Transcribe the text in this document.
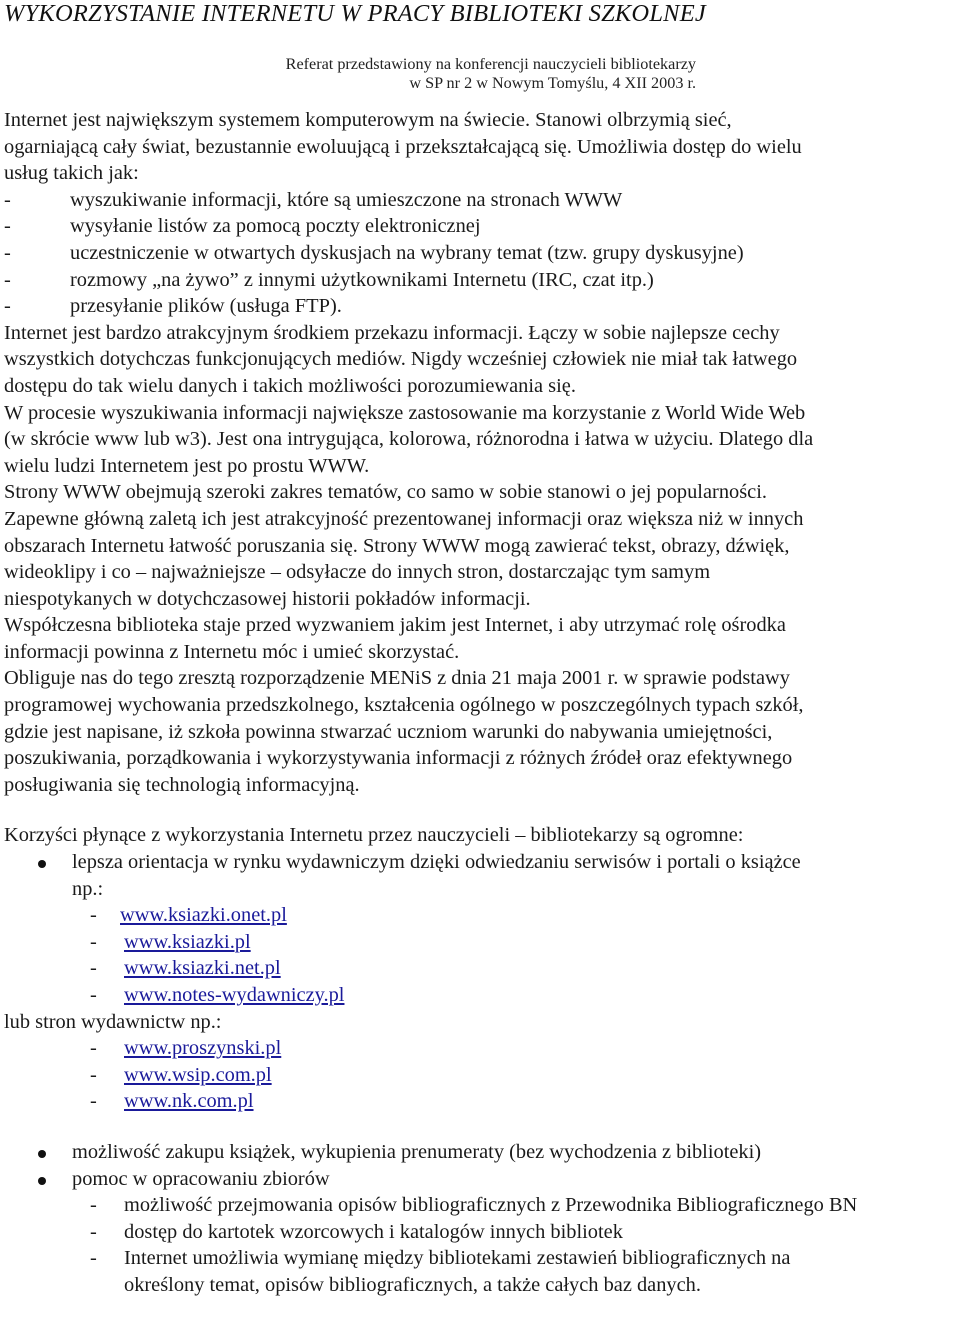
WYKORZYSTANIE INTERNETU W PRACY BIBLIOTEKI SZKOLNEJ
Referat przedstawiony na konferencji nauczycieli bibliotekarzy
w SP nr 2 w Nowym Tomyślu, 4 XII 2003 r.

Internet jest największym systemem komputerowym na świecie. Stanowi olbrzymią sieć,

ogarniającą cały świat, bezustannie ewoluującą i przekształcającą się. Umożliwia dostęp do wielu

usług takich jak:

-	wyszukiwanie informacji, które są umieszczone na stronach WWW
-	wysyłanie listów za pomocą poczty elektronicznej
-	uczestniczenie w otwartych dyskusjach na wybrany temat (tzw. grupy dyskusyjne)
-	rozmowy „na żywo” z innymi użytkownikami Internetu (IRC, czat itp.)
-	przesyłanie plików (usługa FTP).

Internet jest bardzo atrakcyjnym środkiem przekazu informacji. Łączy w sobie najlepsze cechy

wszystkich dotychczas funkcjonujących mediów. Nigdy wcześniej człowiek nie miał tak łatwego

dostępu do tak wielu danych i takich możliwości porozumiewania się.

W procesie wyszukiwania informacji największe zastosowanie ma korzystanie z World Wide Web

(w skrócie www lub w3). Jest ona intrygująca, kolorowa, różnorodna i łatwa w użyciu. Dlatego dla

wielu ludzi Internetem jest po prostu WWW.

Strony WWW obejmują szeroki zakres tematów, co samo w sobie stanowi o jej popularności.

Zapewne główną zaletą ich jest atrakcyjność prezentowanej informacji oraz większa niż w innych

obszarach Internetu łatwość poruszania się. Strony WWW mogą zawierać tekst, obrazy, dźwięk,

wideoklipy i co – najważniejsze – odsyłacze do innych stron, dostarczając tym samym

niespotykanych w dotychczasowej historii pokładów informacji.

Współczesna biblioteka staje przed wyzwaniem jakim jest Internet, i aby utrzymać rolę ośrodka

informacji powinna z Internetu móc i umieć skorzystać.

Obliguje nas do tego zresztą rozporządzenie MENiS z dnia 21 maja 2001 r. w sprawie podstawy

programowej wychowania przedszkolnego, kształcenia ogólnego w poszczególnych typach szkół,

gdzie jest napisane, iż szkoła powinna stwarzać uczniom warunki do nabywania umiejętności,

poszukiwania, porządkowania i wykorzystywania informacji z różnych źródeł oraz efektywnego

posługiwania się technologią informacyjną.

Korzyści płynące z wykorzystania Internetu przez nauczycieli – bibliotekarzy są ogromne:

lepsza orientacja w rynku wydawniczym dzięki odwiedzaniu serwisów i portali o książce
np.:
-	www.ksiazki.onet.pl
-	www.ksiazki.pl
-	www.ksiazki.net.pl
-	www.notes-wydawniczy.pl

lub stron wydawnictw np.:

-	www.proszynski.pl
-	www.wsip.com.pl
-	www.nk.com.pl
możliwość zakupu książek, wykupienia prenumeraty (bez wychodzenia z biblioteki)
pomoc w opracowaniu zbiorów
-	możliwość przejmowania opisów bibliograficznych z Przewodnika Bibliograficznego BN
-	dostęp do kartotek wzorcowych i katalogów innych bibliotek
-	Internet umożliwia wymianę między bibliotekami zestawień bibliograficznych na
określony temat, opisów bibliograficznych, a także całych baz danych.
